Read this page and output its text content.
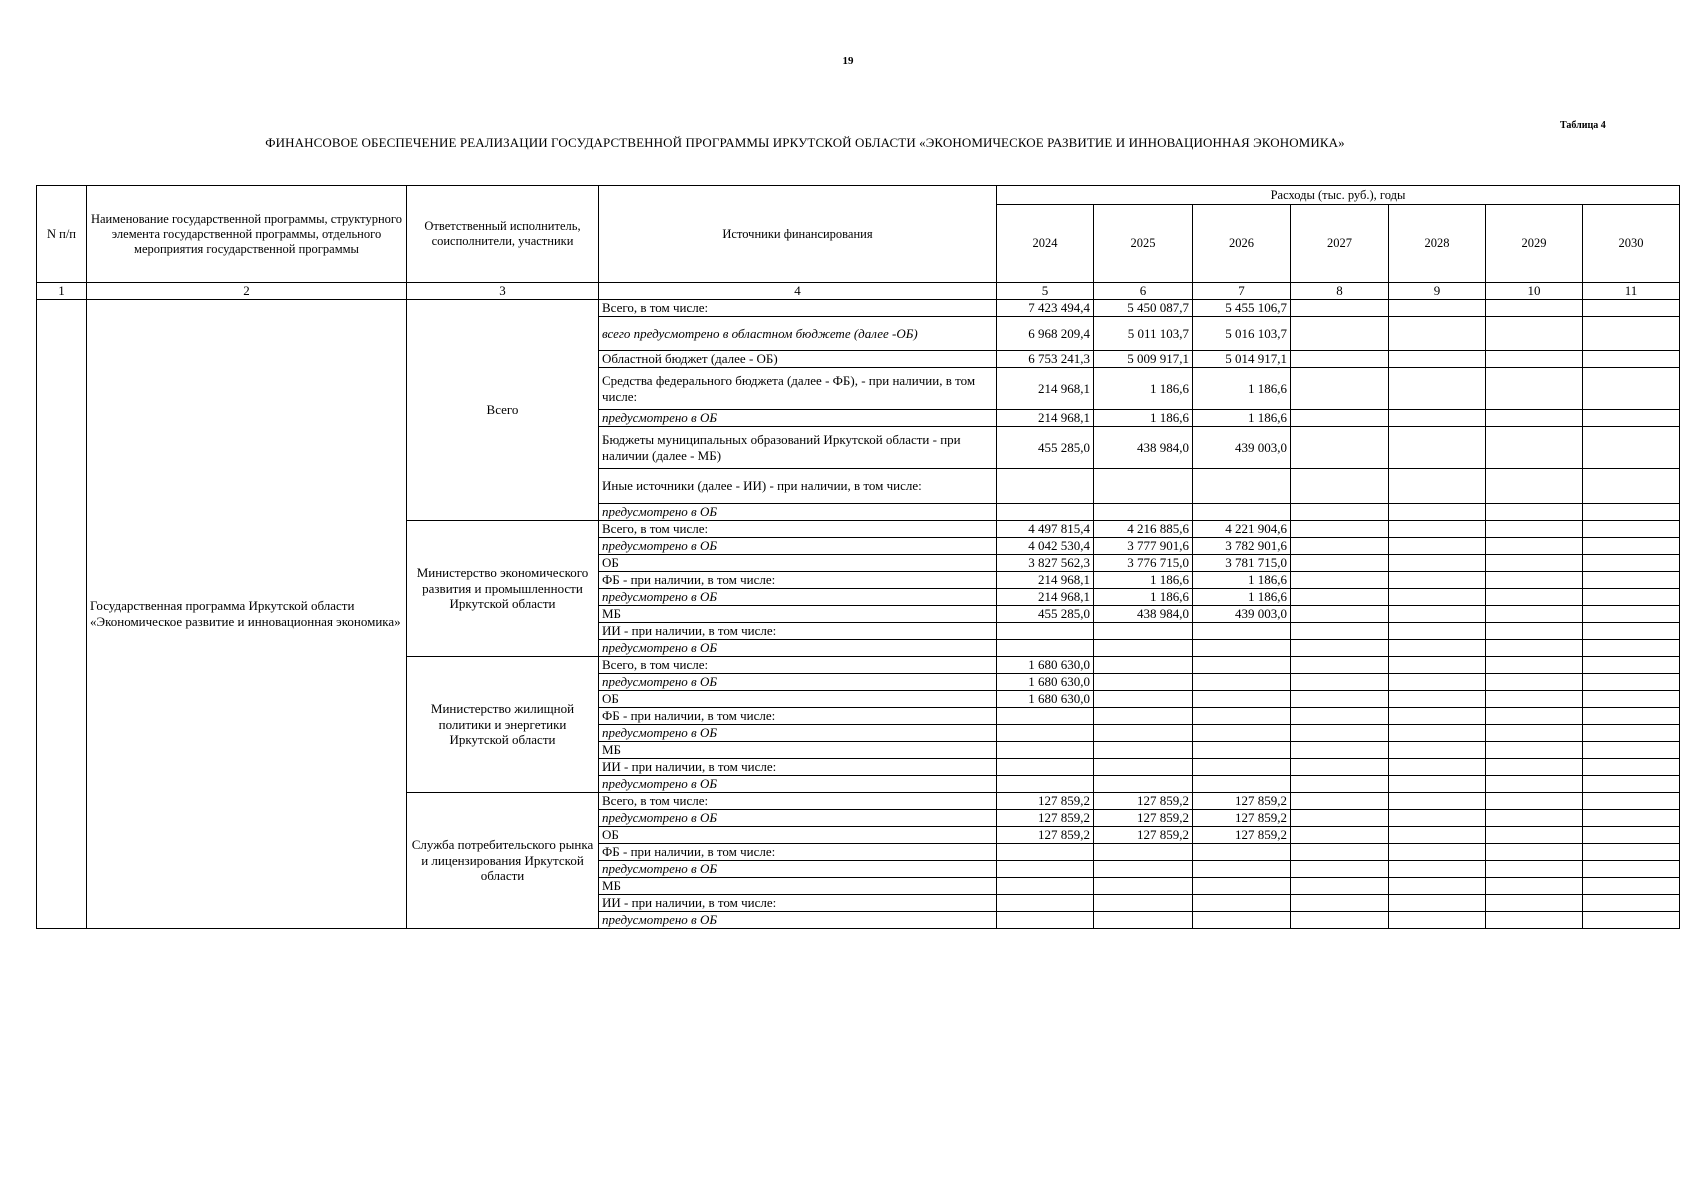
19
Таблица 4
ФИНАНСОВОЕ ОБЕСПЕЧЕНИЕ РЕАЛИЗАЦИИ ГОСУДАРСТВЕННОЙ ПРОГРАММЫ ИРКУТСКОЙ ОБЛАСТИ «ЭКОНОМИЧЕСКОЕ РАЗВИТИЕ И ИННОВАЦИОННАЯ ЭКОНОМИКА»
N п/п	Наименование государственной программы, структурного элемента государственной программы, отдельного мероприятия государственной программы	Ответственный исполнитель, соисполнители, участники	Источники финансирования	Расходы (тыс. руб.), годы						
				2024	2025	2026	2027	2028	2029	2030
1	2	3	4	5	6	7	8	9	10	11
	Государственная программа Иркутской области «Экономическое развитие и инновационная экономика»	Всего	Всего, в том числе:	7 423 494,4	5 450 087,7	5 455 106,7				
			всего предусмотрено в областном бюджете (далее -ОБ)	6 968 209,4	5 011 103,7	5 016 103,7				
			Областной бюджет (далее - ОБ)	6 753 241,3	5 009 917,1	5 014 917,1				
			Средства федерального бюджета (далее - ФБ), - при наличии, в том числе:	214 968,1	1 186,6	1 186,6				
			предусмотрено в ОБ	214 968,1	1 186,6	1 186,6				
			Бюджеты муниципальных образований Иркутской области - при наличии (далее - МБ)	455 285,0	438 984,0	439 003,0				
			Иные источники (далее - ИИ) - при наличии, в том числе:							
			предусмотрено в ОБ							
		Министерство экономического развития и промышленности Иркутской области	Всего, в том числе:	4 497 815,4	4 216 885,6	4 221 904,6				
			предусмотрено в ОБ	4 042 530,4	3 777 901,6	3 782 901,6				
			ОБ	3 827 562,3	3 776 715,0	3 781 715,0				
			ФБ - при наличии, в том числе:	214 968,1	1 186,6	1 186,6				
			предусмотрено в ОБ	214 968,1	1 186,6	1 186,6				
			МБ	455 285,0	438 984,0	439 003,0				
			ИИ - при наличии, в том числе:							
			предусмотрено в ОБ							
		Министерство жилищной политики и энергетики Иркутской области	Всего, в том числе:	1 680 630,0						
			предусмотрено в ОБ	1 680 630,0						
			ОБ	1 680 630,0						
			ФБ - при наличии, в том числе:							
			предусмотрено в ОБ							
			МБ							
			ИИ - при наличии, в том числе:							
			предусмотрено в ОБ							
		Служба потребительского рынка и лицензирования Иркутской области	Всего, в том числе:	127 859,2	127 859,2	127 859,2				
			предусмотрено в ОБ	127 859,2	127 859,2	127 859,2				
			ОБ	127 859,2	127 859,2	127 859,2				
			ФБ - при наличии, в том числе:							
			предусмотрено в ОБ							
			МБ							
			ИИ - при наличии, в том числе:							
			предусмотрено в ОБ							
